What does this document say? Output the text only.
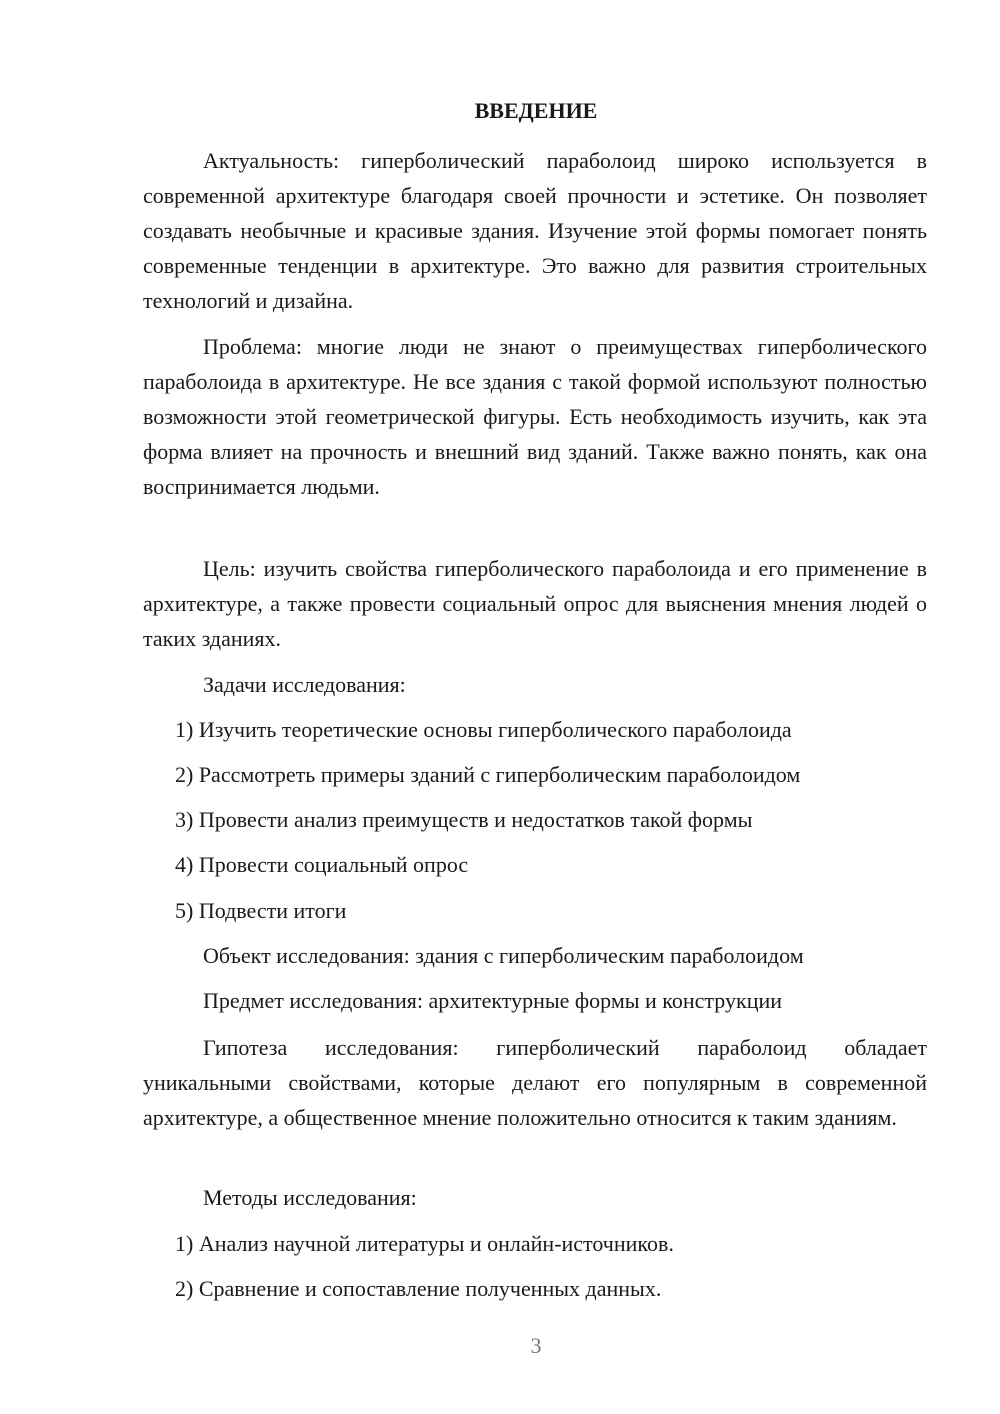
ВВЕДЕНИЕ

Актуальность: гиперболический параболоид широко используется в современной архитектуре благодаря своей прочности и эстетике. Он позволяет создавать необычные и красивые здания. Изучение этой формы помогает понять современные тенденции в архитектуре. Это важно для развития строительных технологий и дизайна.

Проблема: многие люди не знают о преимуществах гиперболического параболоида в архитектуре. Не все здания с такой формой используют полностью возможности этой геометрической фигуры. Есть необходимость изучить, как эта форма влияет на прочность и внешний вид зданий. Также важно понять, как она воспринимается людьми.

Цель: изучить свойства гиперболического параболоида и его применение в архитектуре, а также провести социальный опрос для выяснения мнения людей о таких зданиях.

Задачи исследования:
1) Изучить теоретические основы гиперболического параболоида
2) Рассмотреть примеры зданий с гиперболическим параболоидом
3) Провести анализ преимуществ и недостатков такой формы
4) Провести социальный опрос
5) Подвести итоги
Объект исследования: здания с гиперболическим параболоидом
Предмет исследования: архитектурные формы и конструкции

Гипотеза исследования: гиперболический параболоид обладает уникальными свойствами, которые делают его популярным в современной архитектуре, а общественное мнение положительно относится к таким зданиям.

Методы исследования:
1) Анализ научной литературы и онлайн-источников.
2) Сравнение и сопоставление полученных данных.
3
